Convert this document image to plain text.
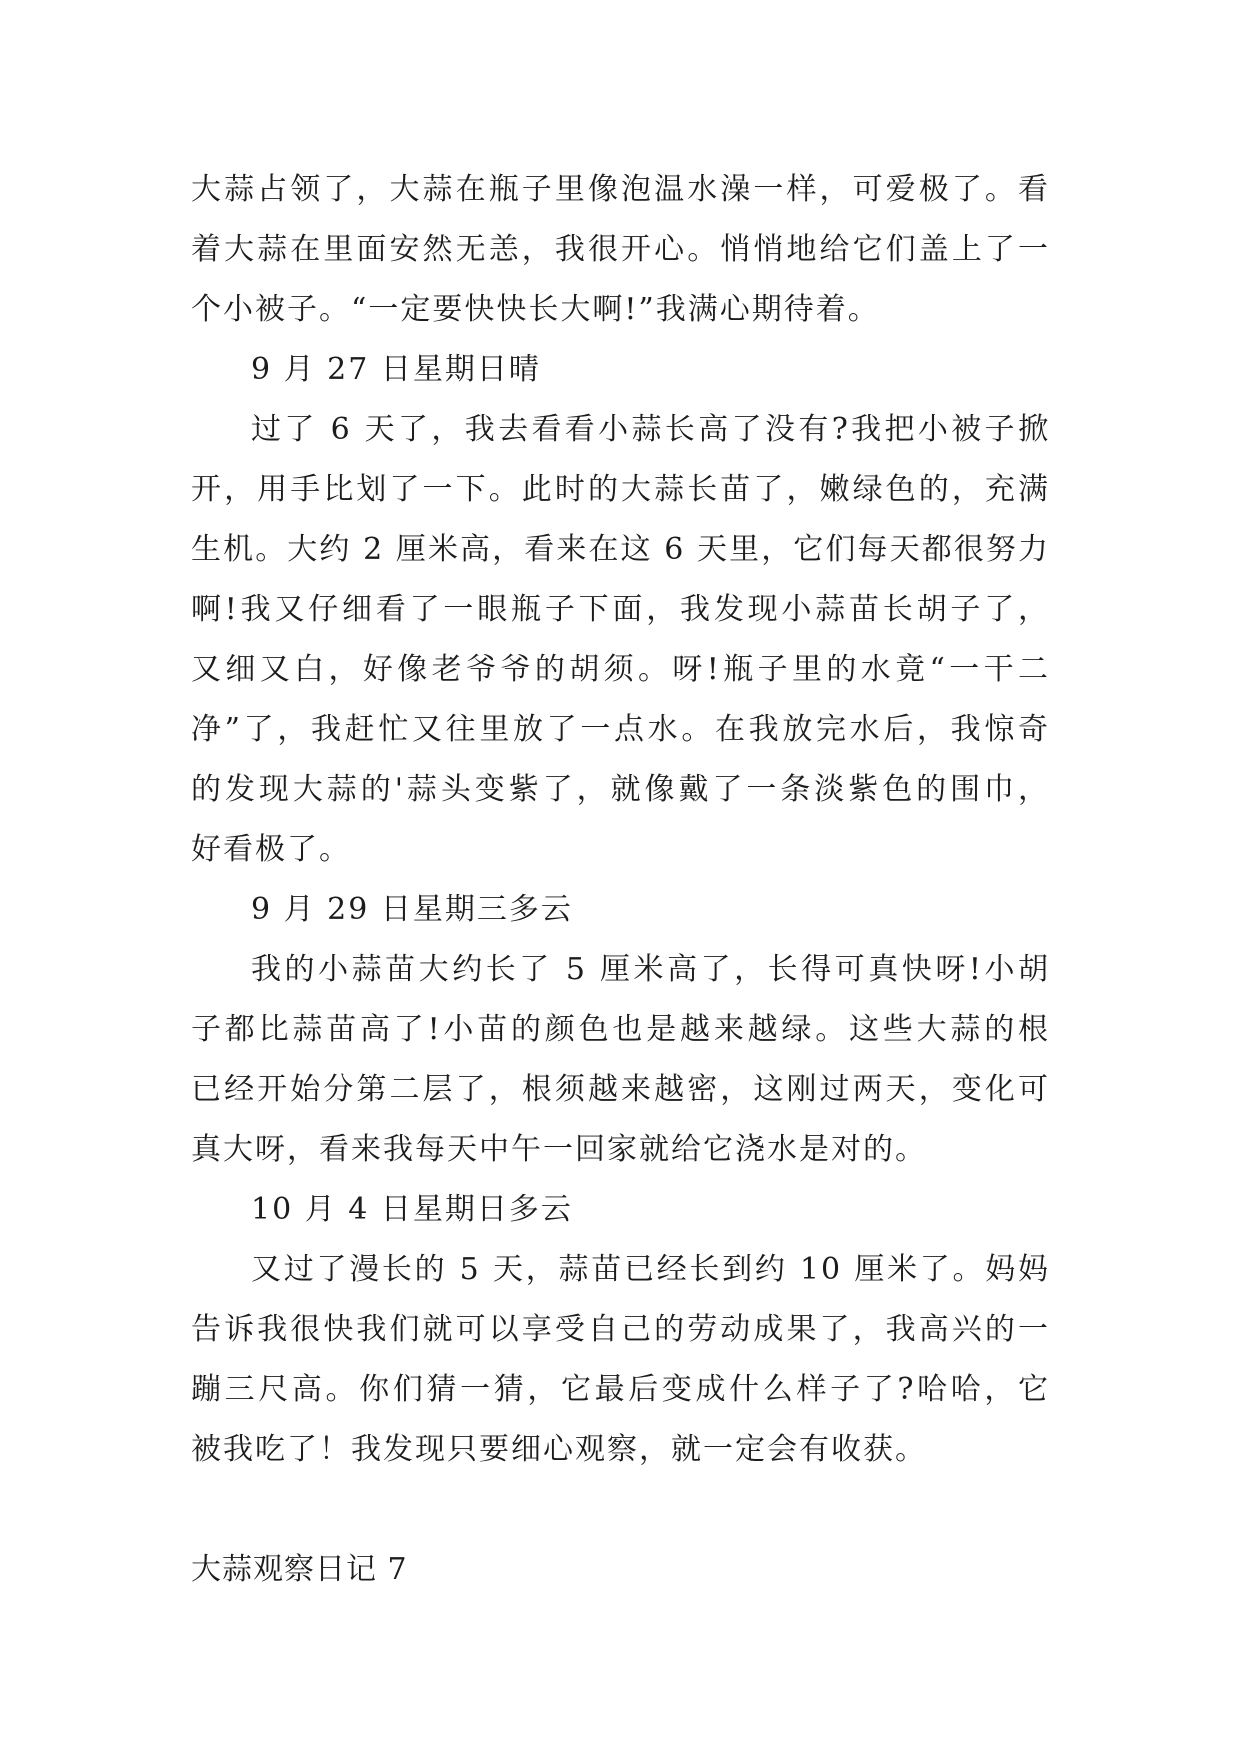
大蒜占领了，大蒜在瓶子里像泡温水澡一样，可爱极了。看
着大蒜在里面安然无恙，我很开心。悄悄地给它们盖上了一
个小被子。“一定要快快长大啊!”我满心期待着。
9 月 27 日星期日晴
过了 6 天了，我去看看小蒜长高了没有?我把小被子掀
开，用手比划了一下。此时的大蒜长苗了，嫩绿色的，充满
生机。大约 2 厘米高，看来在这 6 天里，它们每天都很努力
啊!我又仔细看了一眼瓶子下面，我发现小蒜苗长胡子了，
又细又白，好像老爷爷的胡须。呀!瓶子里的水竟“一干二
净”了，我赶忙又往里放了一点水。在我放完水后，我惊奇
的发现大蒜的'蒜头变紫了，就像戴了一条淡紫色的围巾，
好看极了。
9 月 29 日星期三多云
我的小蒜苗大约长了 5 厘米高了，长得可真快呀!小胡
子都比蒜苗高了!小苗的颜色也是越来越绿。这些大蒜的根
已经开始分第二层了，根须越来越密，这刚过两天，变化可
真大呀，看来我每天中午一回家就给它浇水是对的。
10 月 4 日星期日多云
又过了漫长的 5 天，蒜苗已经长到约 10 厘米了。妈妈
告诉我很快我们就可以享受自己的劳动成果了，我高兴的一
蹦三尺高。你们猜一猜，它最后变成什么样子了?哈哈，它
被我吃了！我发现只要细心观察，就一定会有收获。
大蒜观察日记 7
